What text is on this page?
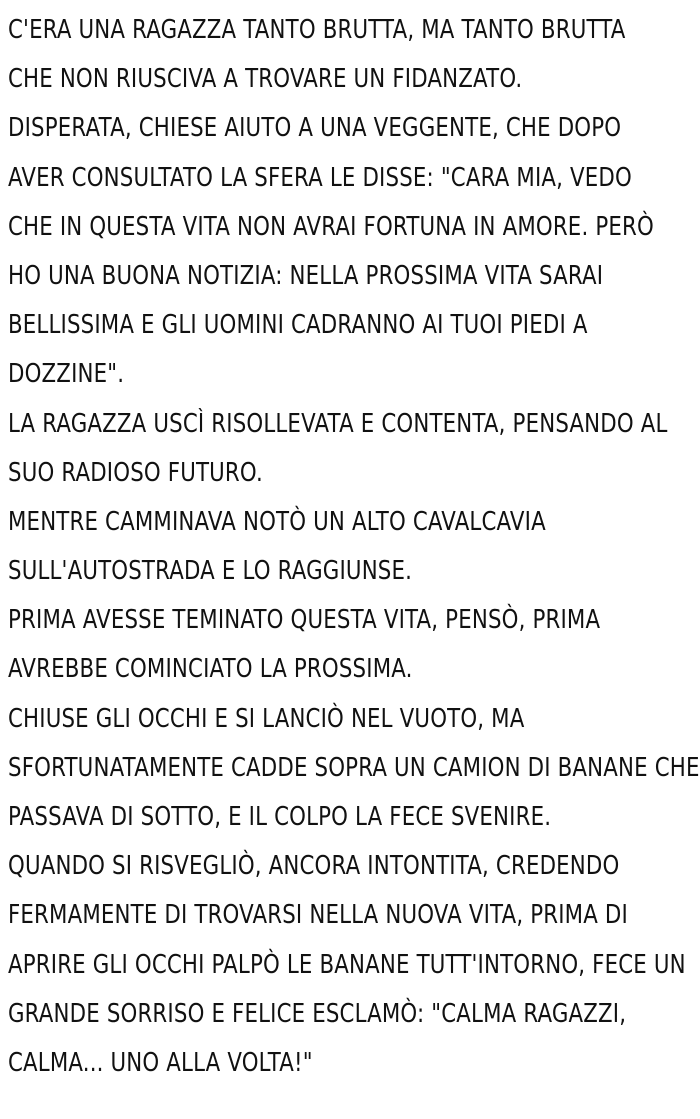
C'ERA UNA RAGAZZA TANTO BRUTTA, MA TANTO BRUTTA
CHE NON RIUSCIVA A TROVARE UN FIDANZATO.
DISPERATA, CHIESE AIUTO A UNA VEGGENTE, CHE DOPO
AVER CONSULTATO LA SFERA LE DISSE: "CARA MIA, VEDO
CHE IN QUESTA VITA NON AVRAI FORTUNA IN AMORE. PERÒ
HO UNA BUONA NOTIZIA: NELLA PROSSIMA VITA SARAI
BELLISSIMA E GLI UOMINI CADRANNO AI TUOI PIEDI A
DOZZINE".
LA RAGAZZA USCÌ RISOLLEVATA E CONTENTA, PENSANDO AL
SUO RADIOSO FUTURO.
MENTRE CAMMINAVA NOTÒ UN ALTO CAVALCAVIA
SULL'AUTOSTRADA E LO RAGGIUNSE.
PRIMA AVESSE TEMINATO QUESTA VITA, PENSÒ, PRIMA
AVREBBE COMINCIATO LA PROSSIMA.
CHIUSE GLI OCCHI E SI LANCIÒ NEL VUOTO, MA
SFORTUNATAMENTE CADDE SOPRA UN CAMION DI BANANE CHE
PASSAVA DI SOTTO, E IL COLPO LA FECE SVENIRE.
QUANDO SI RISVEGLIÒ, ANCORA INTONTITA, CREDENDO
FERMAMENTE DI TROVARSI NELLA NUOVA VITA, PRIMA DI
APRIRE GLI OCCHI PALPÒ LE BANANE TUTT'INTORNO, FECE UN
GRANDE SORRISO E FELICE ESCLAMÒ: "CALMA RAGAZZI,
CALMA... UNO ALLA VOLTA!"
